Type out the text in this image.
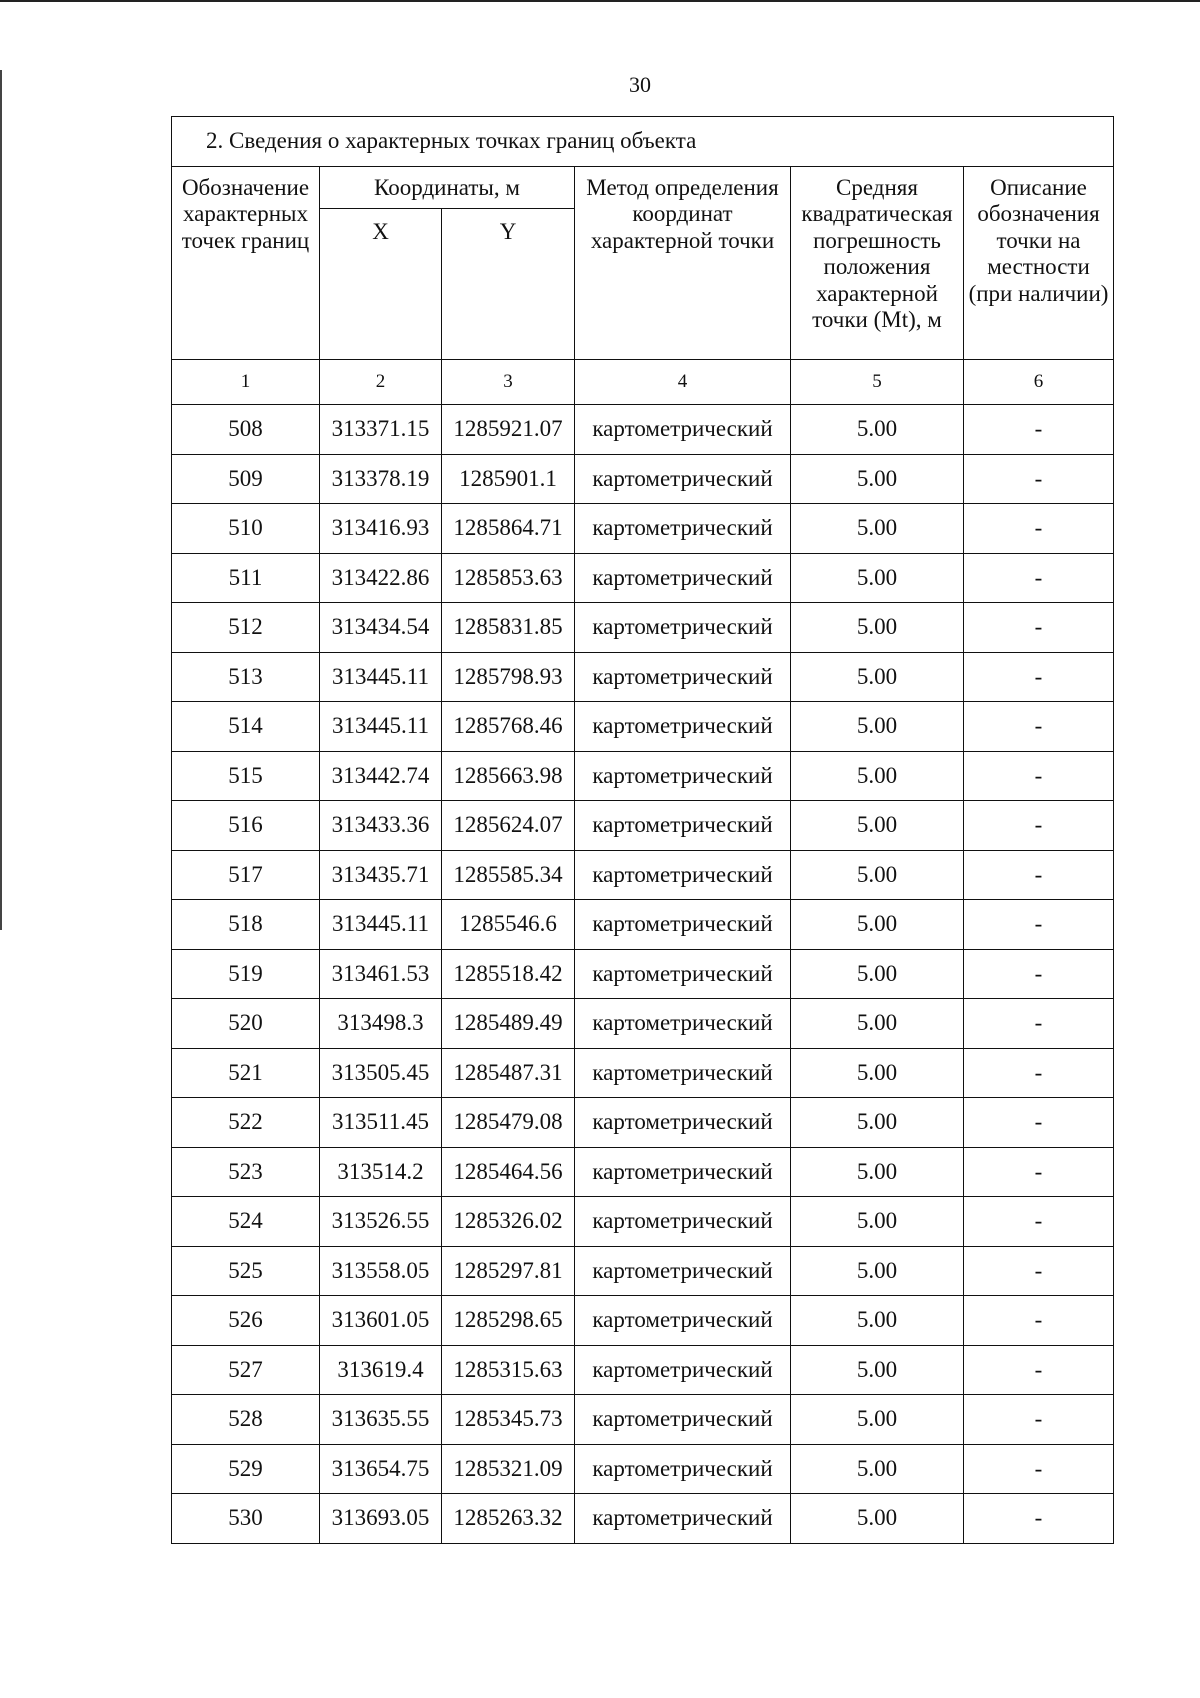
30
2. Сведения о характерных точках границ объекта					
Обозначение характерных точек границ	Координаты, м		Метод определения координат характерной точки	Средняя квадратическая погрешность положения характерной точки (Mt), м	Описание обозначения точки на местности (при наличии)
	X	Y			
1	2	3	4	5	6
508	313371.15	1285921.07	картометрический	5.00	-
509	313378.19	1285901.1	картометрический	5.00	-
510	313416.93	1285864.71	картометрический	5.00	-
511	313422.86	1285853.63	картометрический	5.00	-
512	313434.54	1285831.85	картометрический	5.00	-
513	313445.11	1285798.93	картометрический	5.00	-
514	313445.11	1285768.46	картометрический	5.00	-
515	313442.74	1285663.98	картометрический	5.00	-
516	313433.36	1285624.07	картометрический	5.00	-
517	313435.71	1285585.34	картометрический	5.00	-
518	313445.11	1285546.6	картометрический	5.00	-
519	313461.53	1285518.42	картометрический	5.00	-
520	313498.3	1285489.49	картометрический	5.00	-
521	313505.45	1285487.31	картометрический	5.00	-
522	313511.45	1285479.08	картометрический	5.00	-
523	313514.2	1285464.56	картометрический	5.00	-
524	313526.55	1285326.02	картометрический	5.00	-
525	313558.05	1285297.81	картометрический	5.00	-
526	313601.05	1285298.65	картометрический	5.00	-
527	313619.4	1285315.63	картометрический	5.00	-
528	313635.55	1285345.73	картометрический	5.00	-
529	313654.75	1285321.09	картометрический	5.00	-
530	313693.05	1285263.32	картометрический	5.00	-
